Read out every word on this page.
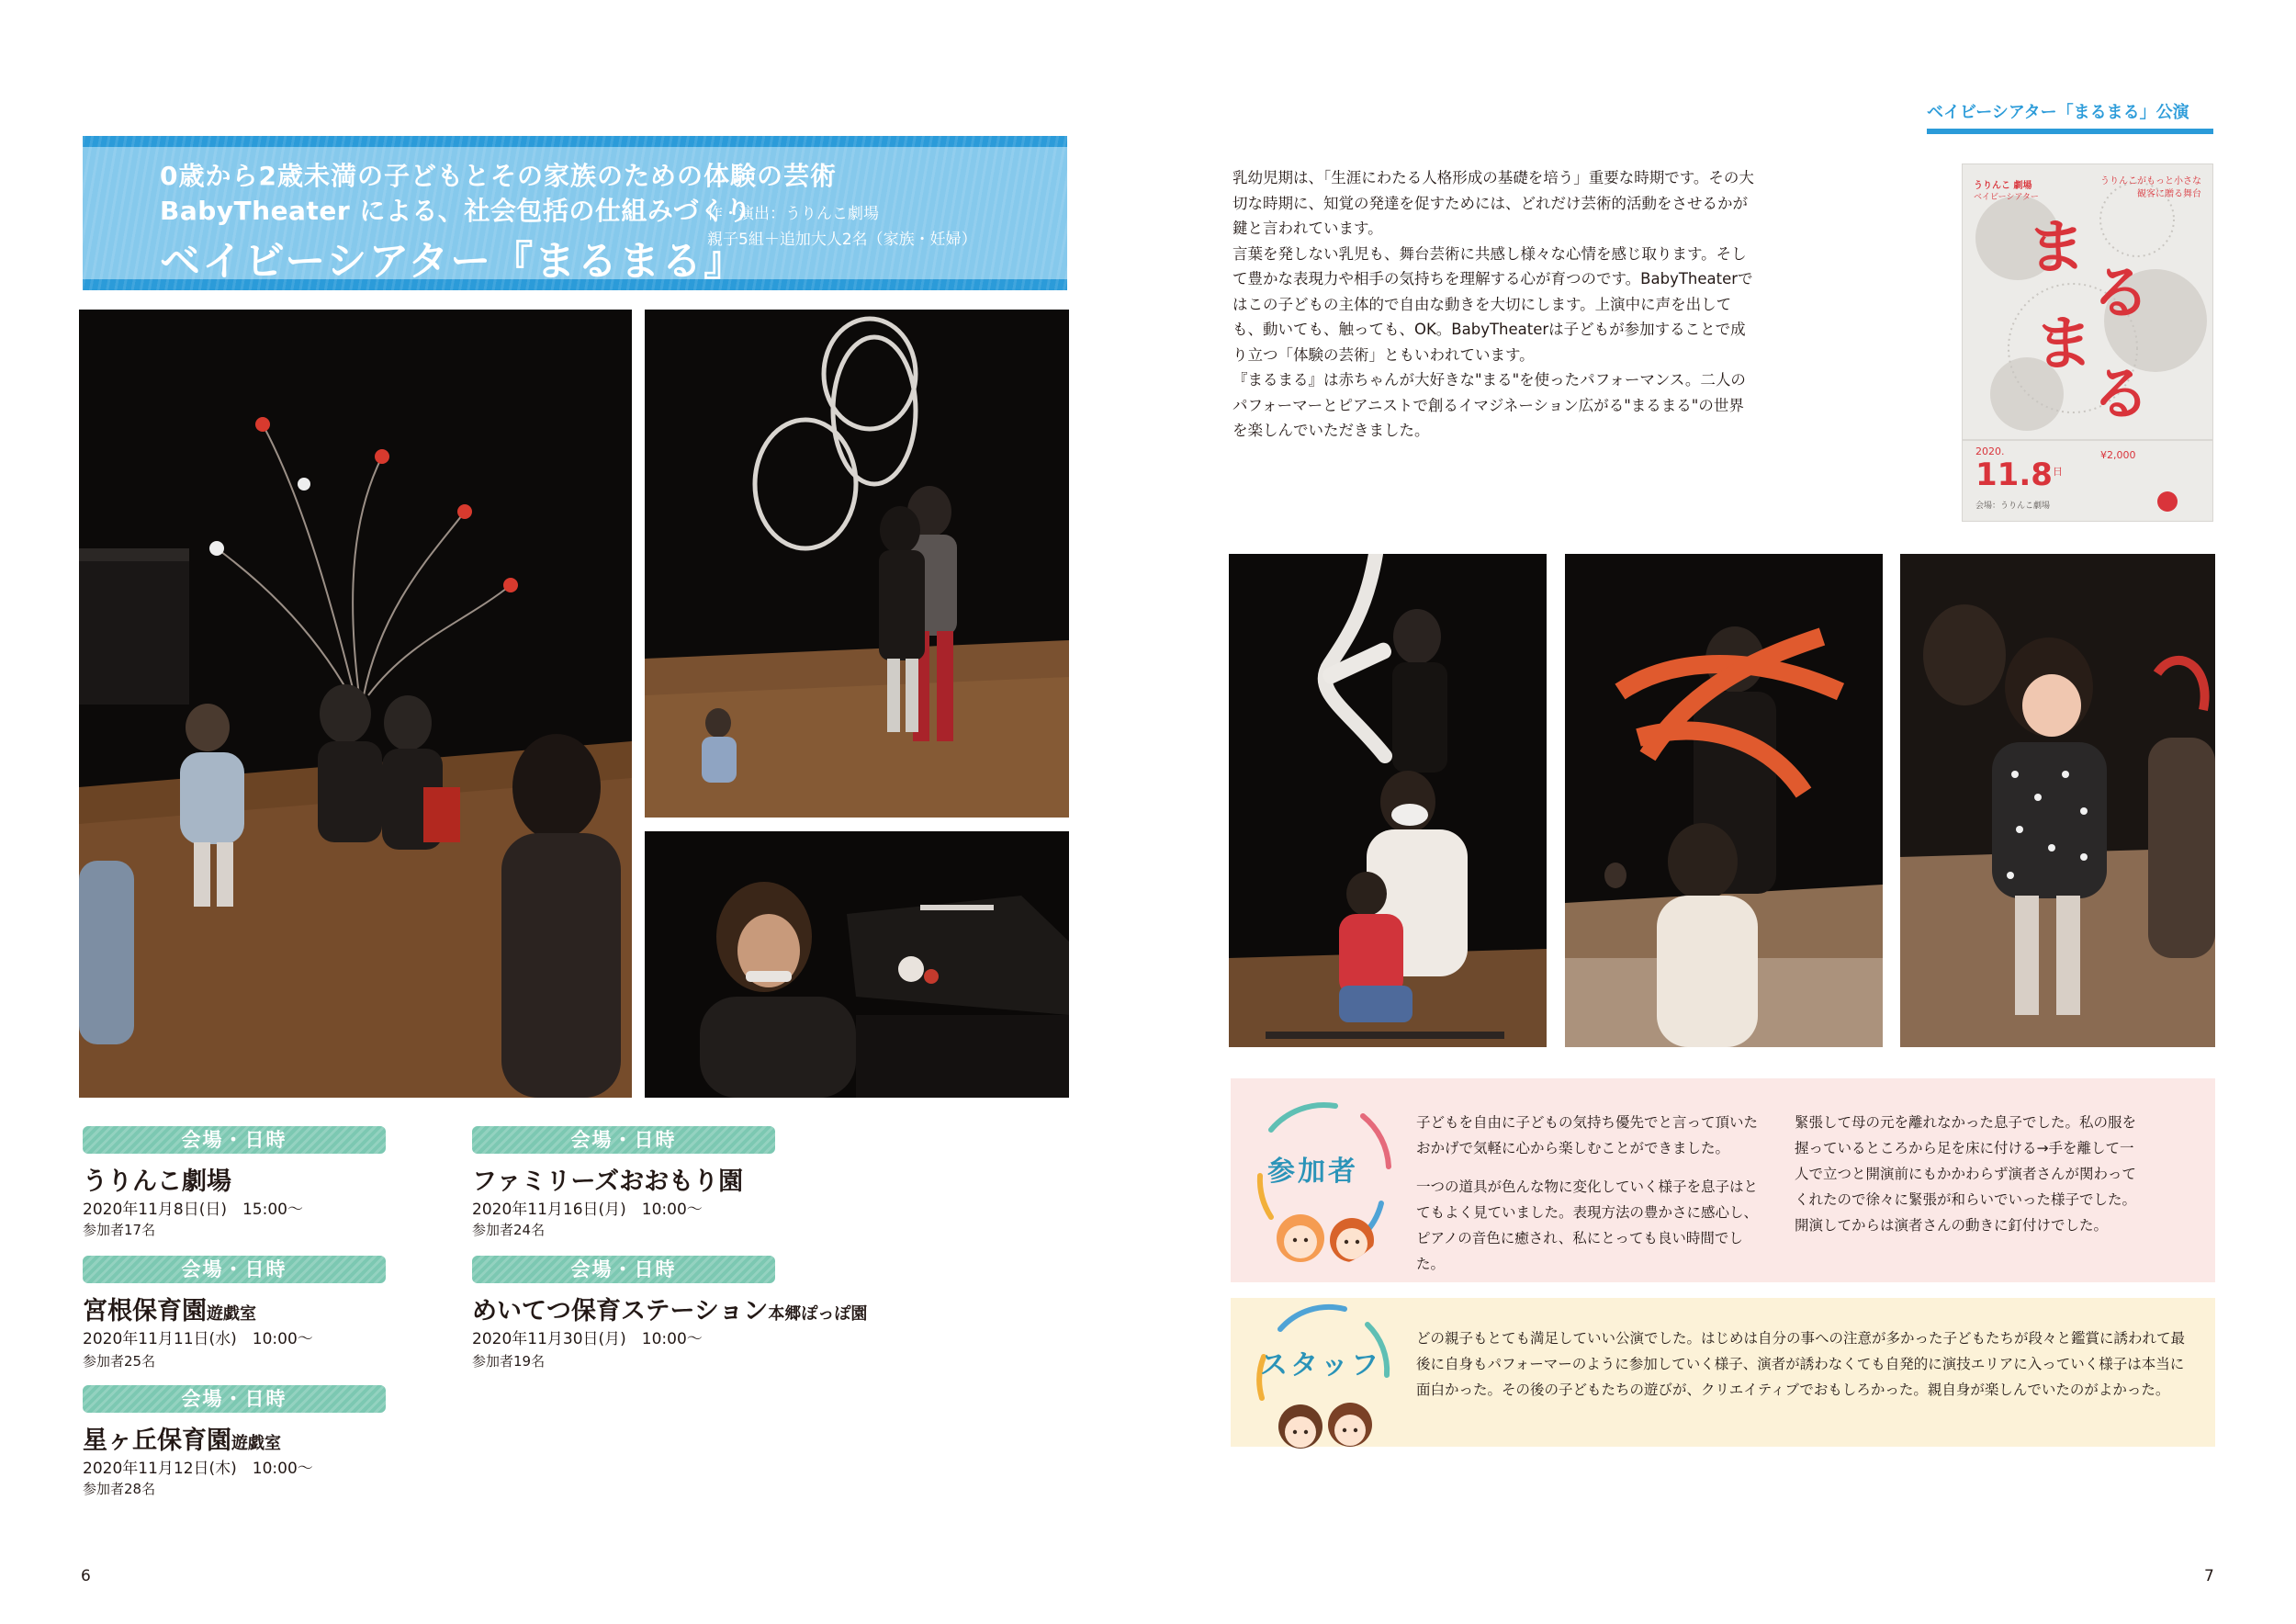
0歳から2歳未満の子どもとその家族のための体験の芸術
BabyTheater による、社会包括の仕組みづくり
ベイビーシアター『まるまる』
作・演出：うりんこ劇場
親子5組＋追加大人2名（家族・妊婦）
会場・日時
うりんこ劇場
2020年11月8日(日)　15:00〜
参加者17名
会場・日時
宮根保育園遊戯室
2020年11月11日(水)　10:00〜
参加者25名
会場・日時
星ヶ丘保育園遊戯室
2020年11月12日(木)　10:00〜
参加者28名
会場・日時
ファミリーズおおもり園
2020年11月16日(月)　10:00〜
参加者24名
会場・日時
めいてつ保育ステーション本郷ぽっぽ園
2020年11月30日(月)　10:00〜
参加者19名
6
ベイビーシアター「まるまる」公演

乳幼児期は、「生涯にわたる人格形成の基礎を培う」重要な時期です。その大切な時期に、知覚の発達を促すためには、どれだけ芸術的活動をさせるかが鍵と言われています。

言葉を発しない乳児も、舞台芸術に共感し様々な心情を感じ取ります。そして豊かな表現力や相手の気持ちを理解する心が育つのです。BabyTheaterではこの子どもの主体的で自由な動きを大切にします。上演中に声を出しても、動いても、触っても、OK。BabyTheaterは子どもが参加することで成り立つ「体験の芸術」ともいわれています。

『まるまる』は赤ちゃんが大好きな"まる"を使ったパフォーマンス。二人のパフォーマーとピアニストで創るイマジネーション広がる"まるまる"の世界を楽しんでいただきました。

うりんこ 劇場
ベイビーシアター
うりんこがもっと小さな観客に贈る舞台
ま
る
ま
る
2020.
11.8 日
¥2,000
会場：うりんこ劇場
参加者

子どもを自由に子どもの気持ち優先でと言って頂いたおかげで気軽に心から楽しむことができました。

一つの道具が色んな物に変化していく様子を息子はとてもよく見ていました。表現方法の豊かさに感心し、ピアノの音色に癒され、私にとっても良い時間でした。

緊張して母の元を離れなかった息子でした。私の服を握っているところから足を床に付ける→手を離して一人で立つと開演前にもかかわらず演者さんが関わってくれたので徐々に緊張が和らいでいった様子でした。開演してからは演者さんの動きに釘付けでした。

スタッフ
どの親子もとても満足していい公演でした。はじめは自分の事への注意が多かった子どもたちが段々と鑑賞に誘われて最後に自身もパフォーマーのように参加していく様子、演者が誘わなくても自発的に演技エリアに入っていく様子は本当に面白かった。その後の子どもたちの遊びが、クリエイティブでおもしろかった。親自身が楽しんでいたのがよかった。
7
